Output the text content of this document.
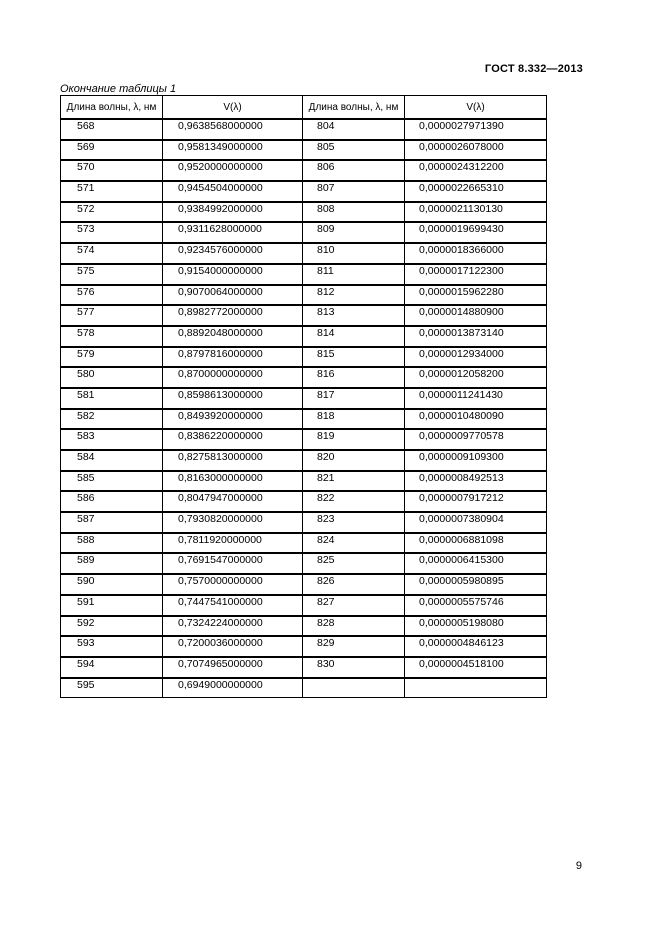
ГОСТ 8.332—2013
Окончание таблицы 1
Длина волны, λ, нм	V(λ)	Длина волны, λ, нм	V(λ)
568	0,9638568000000	804	0,0000027971390
569	0,9581349000000	805	0,0000026078000
570	0,9520000000000	806	0,0000024312200
571	0,9454504000000	807	0,0000022665310
572	0,9384992000000	808	0,0000021130130
573	0,9311628000000	809	0,0000019699430
574	0,9234576000000	810	0,0000018366000
575	0,9154000000000	811	0,0000017122300
576	0,9070064000000	812	0,0000015962280
577	0,8982772000000	813	0,0000014880900
578	0,8892048000000	814	0,0000013873140
579	0,8797816000000	815	0,0000012934000
580	0,8700000000000	816	0,0000012058200
581	0,8598613000000	817	0,0000011241430
582	0,8493920000000	818	0,0000010480090
583	0,8386220000000	819	0,0000009770578
584	0,8275813000000	820	0,0000009109300
585	0,8163000000000	821	0,0000008492513
586	0,8047947000000	822	0,0000007917212
587	0,7930820000000	823	0,0000007380904
588	0,7811920000000	824	0,0000006881098
589	0,7691547000000	825	0,0000006415300
590	0,7570000000000	826	0,0000005980895
591	0,7447541000000	827	0,0000005575746
592	0,7324224000000	828	0,0000005198080
593	0,7200036000000	829	0,0000004846123
594	0,7074965000000	830	0,0000004518100
595	0,6949000000000		
9
